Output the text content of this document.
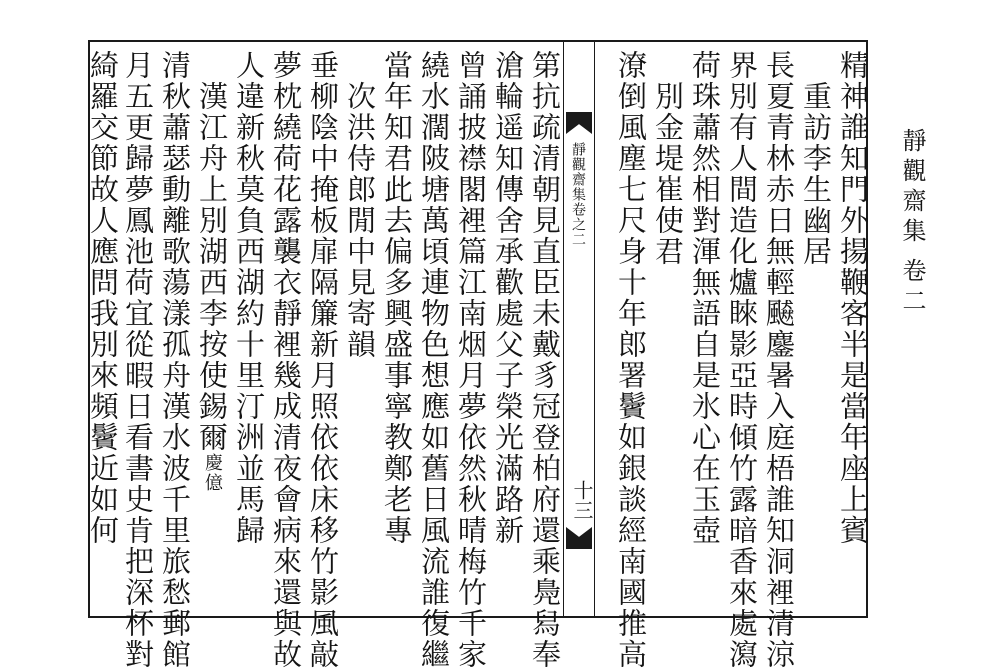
精神誰知門外揚鞭客半是當年座上賓
　重訪李生幽居
長夏青林赤日無輕飇鏖暑入庭梧誰知洞裡清涼
界別有人間造化爐睞影亞時傾竹露暗香來處瀉
荷珠蕭然相對渾無語自是氷心在玉壺
　別金堤崔使君
潦倒風塵七尺身十年郎署鬢如銀談經南國推高
第抗疏清朝見直臣未戴豸冠登柏府還乘鳧舄奉
滄輪遥知傳舍承歡處父子榮光滿路新
曾誦披襟閣裡篇江南烟月夢依然秋晴梅竹千家
繞水濶陂塘萬頃連物色想應如舊日風流誰復繼	靜觀齋集卷之二
十三
當年知君此去偏多興盛事寧教鄭老專
　次洪侍郎閒中見寄韻
垂柳陰中掩板扉隔簾新月照依依床移竹影風敲
夢枕繞荷花露襲衣靜裡幾成清夜會病來還與故
人違新秋莫負西湖約十里汀洲並馬歸
　漢江舟上別湖西李按使錫爾慶億
清秋蕭瑟動離歌蕩漾孤舟漢水波千里旅愁郵館
月五更歸夢鳳池荷宜從暇日看書史肯把深杯對
綺羅交節故人應問我別來頻鬢近如何	靜觀齋集
卷二
